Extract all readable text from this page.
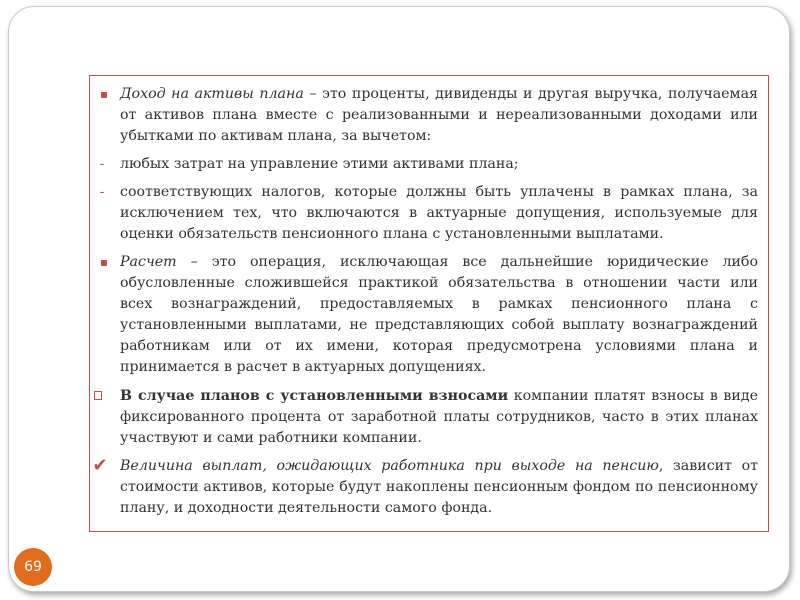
▪ Доход на активы плана – это проценты, дивиденды и другая выручка, получаемая от активов плана вместе с реализованными и нереализованными доходами или убытками по активам плана, за вычетом:

-	любых затрат на управление этими активами плана;

-	соответствующих налогов, которые должны быть уплачены в рамках плана, за исключением тех, что включаются в актуарные допущения, используемые для оценки обязательств пенсионного плана с установленными выплатами.

▪ Расчет – это операция, исключающая все дальнейшие юридические либо обусловленные сложившейся практикой обязательства в отношении части или всех вознаграждений, предоставляемых в рамках пенсионного плана с установленными выплатами, не представляющих собой выплату вознаграждений работникам или от их имени, которая предусмотрена условиями плана и принимается в расчет в актуарных допущениях.

В случае планов с установленными взносами компании платят взносы в виде фиксированного процента от заработной платы сотрудников, часто в этих планах участвуют и сами работники компании.

✔ Величина выплат, ожидающих работника при выходе на пенсию, зависит от стоимости активов, которые будут накоплены пенсионным фондом по пенсионному плану, и доходности деятельности самого фонда.

69
